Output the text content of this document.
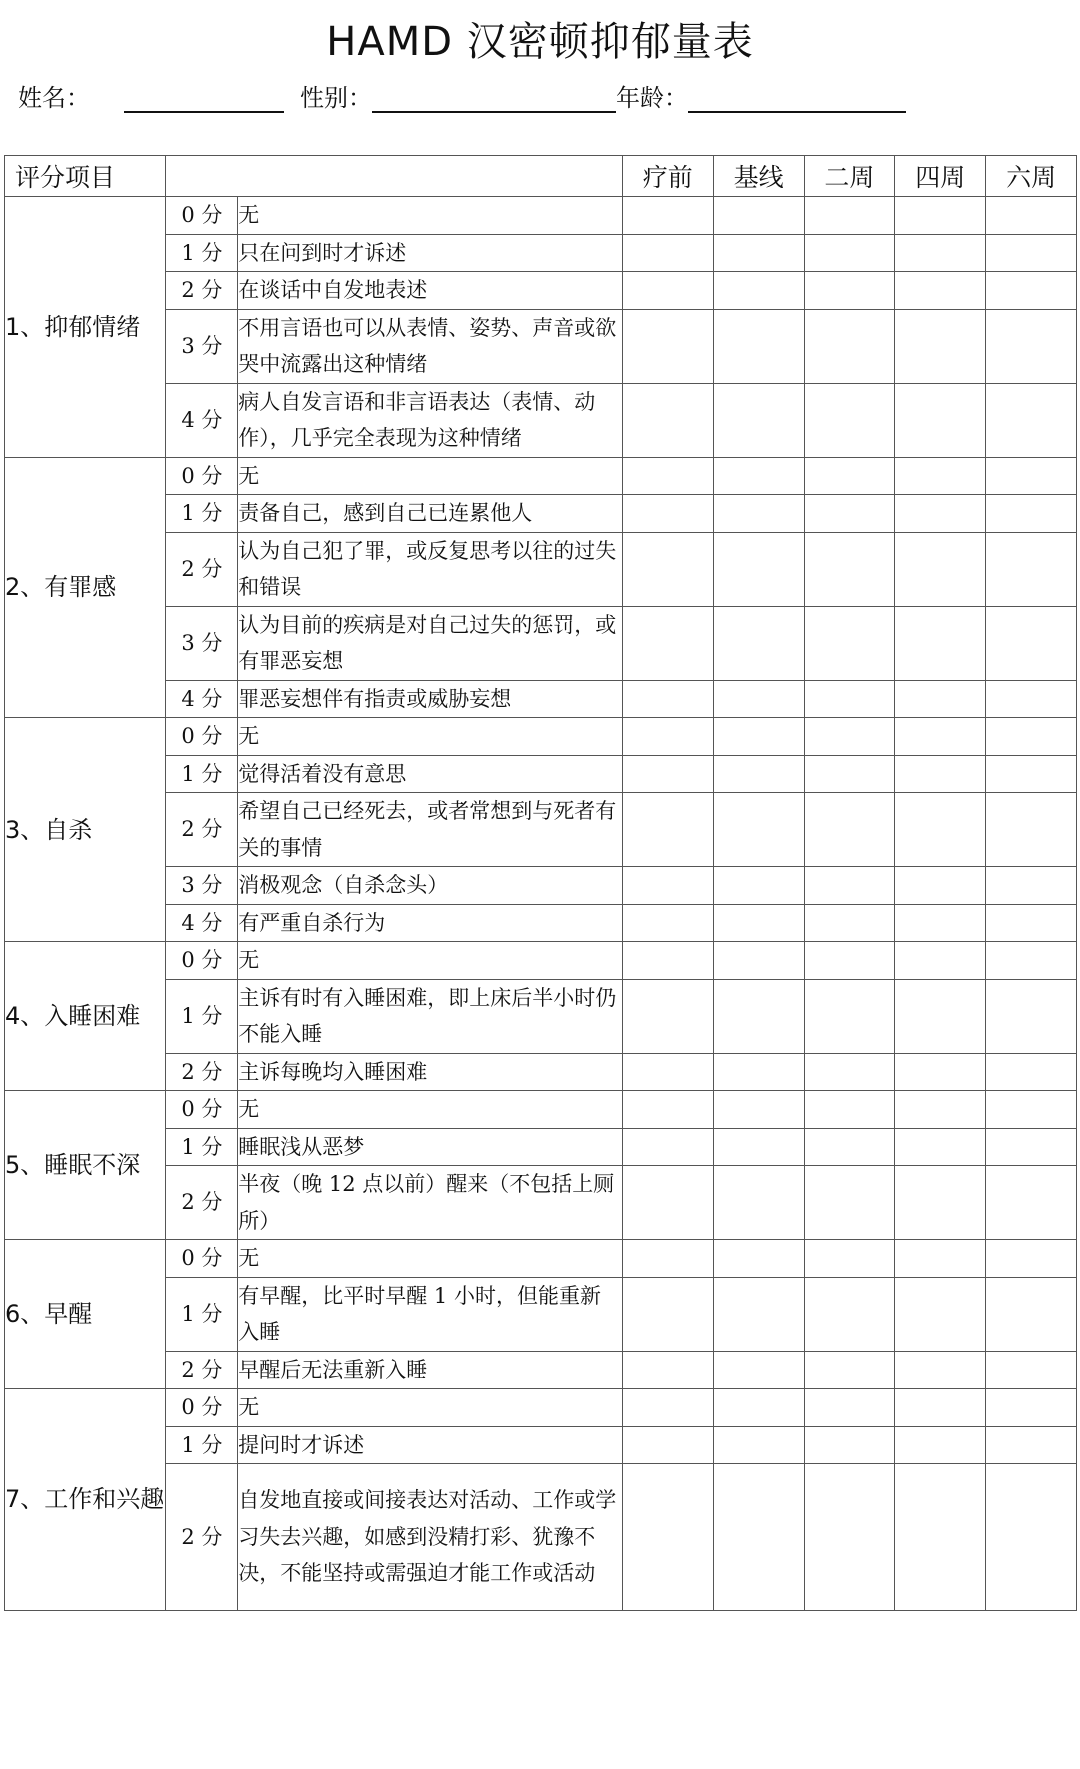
HAMD 汉密顿抑郁量表
姓名：	性别：	年龄：
评分项目			疗前	基线	二周	四周	六周
1、抑郁情绪	0 分	无					
	1 分	只在问到时才诉述					
	2 分	在谈话中自发地表述					
	3 分	不用言语也可以从表情、姿势、声音或欲哭中流露出这种情绪					
	4 分	病人自发言语和非言语表达（表情、动作），几乎完全表现为这种情绪					
2、有罪感	0 分	无					
	1 分	责备自己，感到自己已连累他人					
	2 分	认为自己犯了罪，或反复思考以往的过失和错误					
	3 分	认为目前的疾病是对自己过失的惩罚，或有罪恶妄想					
	4 分	罪恶妄想伴有指责或威胁妄想					
3、自杀	0 分	无					
	1 分	觉得活着没有意思					
	2 分	希望自己已经死去，或者常想到与死者有关的事情					
	3 分	消极观念（自杀念头）					
	4 分	有严重自杀行为					
4、入睡困难	0 分	无					
	1 分	主诉有时有入睡困难，即上床后半小时仍不能入睡					
	2 分	主诉每晚均入睡困难					
5、睡眠不深	0 分	无					
	1 分	睡眠浅从恶梦					
	2 分	半夜（晚 12 点以前）醒来（不包括上厕所）					
6、早醒	0 分	无					
	1 分	有早醒，比平时早醒 1 小时，但能重新入睡					
	2 分	早醒后无法重新入睡					
7、工作和兴趣	0 分	无					
	1 分	提问时才诉述					
	2 分	自发地直接或间接表达对活动、工作或学习失去兴趣，如感到没精打彩、犹豫不决，不能坚持或需强迫才能工作或活动					
